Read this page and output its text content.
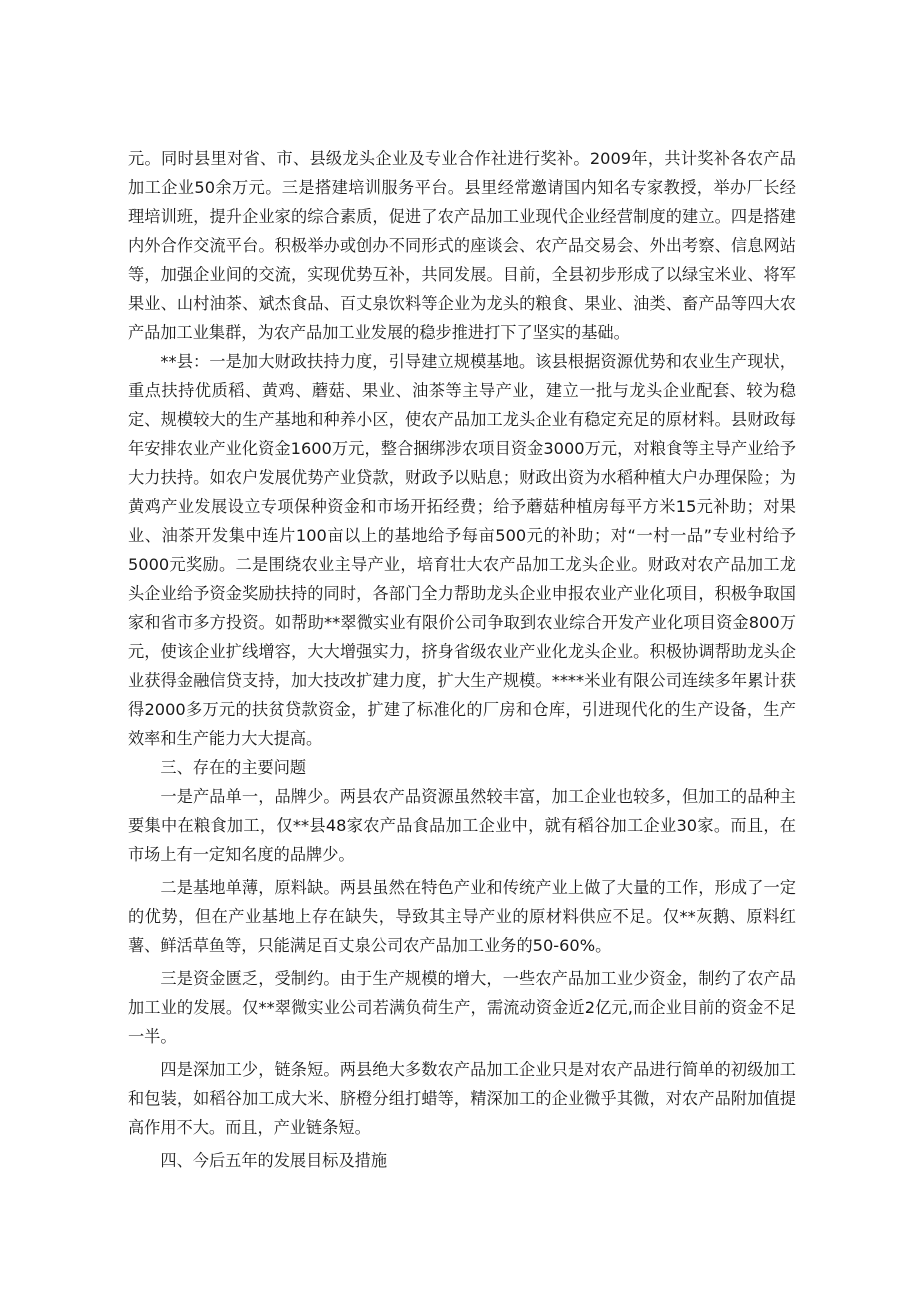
元。同时县里对省、市、县级龙头企业及专业合作社进行奖补。2009年，共计奖补各农产品加工企业50余万元。三是搭建培训服务平台。县里经常邀请国内知名专家教授，举办厂长经理培训班，提升企业家的综合素质，促进了农产品加工业现代企业经营制度的建立。四是搭建内外合作交流平台。积极举办或创办不同形式的座谈会、农产品交易会、外出考察、信息网站等，加强企业间的交流，实现优势互补，共同发展。目前，全县初步形成了以绿宝米业、将军果业、山村油茶、斌杰食品、百丈泉饮料等企业为龙头的粮食、果业、油类、畜产品等四大农产品加工业集群，为农产品加工业发展的稳步推进打下了坚实的基础。

**县：一是加大财政扶持力度，引导建立规模基地。该县根据资源优势和农业生产现状，重点扶持优质稻、黄鸡、蘑菇、果业、油茶等主导产业，建立一批与龙头企业配套、较为稳定、规模较大的生产基地和种养小区，使农产品加工龙头企业有稳定充足的原材料。县财政每年安排农业产业化资金1600万元，整合捆绑涉农项目资金3000万元，对粮食等主导产业给予大力扶持。如农户发展优势产业贷款，财政予以贴息；财政出资为水稻种植大户办理保险；为黄鸡产业发展设立专项保种资金和市场开拓经费；给予蘑菇种植房每平方米15元补助；对果业、油茶开发集中连片100亩以上的基地给予每亩500元的补助；对“一村一品”专业村给予5000元奖励。二是围绕农业主导产业，培育壮大农产品加工龙头企业。财政对农产品加工龙头企业给予资金奖励扶持的同时，各部门全力帮助龙头企业申报农业产业化项目，积极争取国家和省市多方投资。如帮助**翠微实业有限价公司争取到农业综合开发产业化项目资金800万元，使该企业扩线增容，大大增强实力，挤身省级农业产业化龙头企业。积极协调帮助龙头企业获得金融信贷支持，加大技改扩建力度，扩大生产规模。****米业有限公司连续多年累计获得2000多万元的扶贫贷款资金，扩建了标准化的厂房和仓库，引进现代化的生产设备，生产效率和生产能力大大提高。

三、存在的主要问题

一是产品单一，品牌少。两县农产品资源虽然较丰富，加工企业也较多，但加工的品种主要集中在粮食加工，仅**县48家农产品食品加工企业中，就有稻谷加工企业30家。而且，在市场上有一定知名度的品牌少。

二是基地单薄，原料缺。两县虽然在特色产业和传统产业上做了大量的工作，形成了一定的优势，但在产业基地上存在缺失，导致其主导产业的原材料供应不足。仅**灰鹅、原料红薯、鲜活草鱼等，只能满足百丈泉公司农产品加工业务的50-60%。

三是资金匮乏，受制约。由于生产规模的增大，一些农产品加工业少资金，制约了农产品加工业的发展。仅**翠微实业公司若满负荷生产，需流动资金近2亿元,而企业目前的资金不足一半。

四是深加工少，链条短。两县绝大多数农产品加工企业只是对农产品进行简单的初级加工和包装，如稻谷加工成大米、脐橙分组打蜡等，精深加工的企业微乎其微，对农产品附加值提高作用不大。而且，产业链条短。

四、今后五年的发展目标及措施
